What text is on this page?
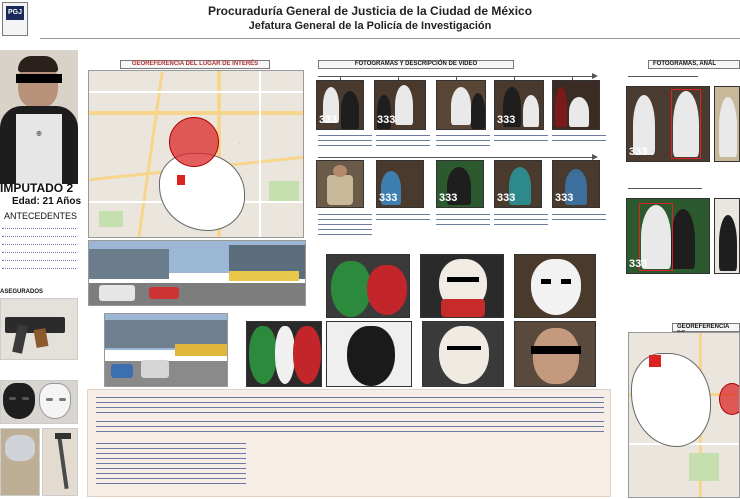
PGJ	Procuraduría General de Justicia de la Ciudad de México
Jefatura General de la Policía de Investigación
◎
IMPUTADO 2
Edad: 21 Años
ANTECEDENTES
ASEGURADOS
GEOREFERENCIA DEL LUGAR DE INTERÉS
·
FOTOGRAMAS Y DESCRIPCIÓN DE VIDEO
333	333	333
333	333	333	333
FOTOGRAMAS, ANÁL
333
333
GEOREFERENCIA
